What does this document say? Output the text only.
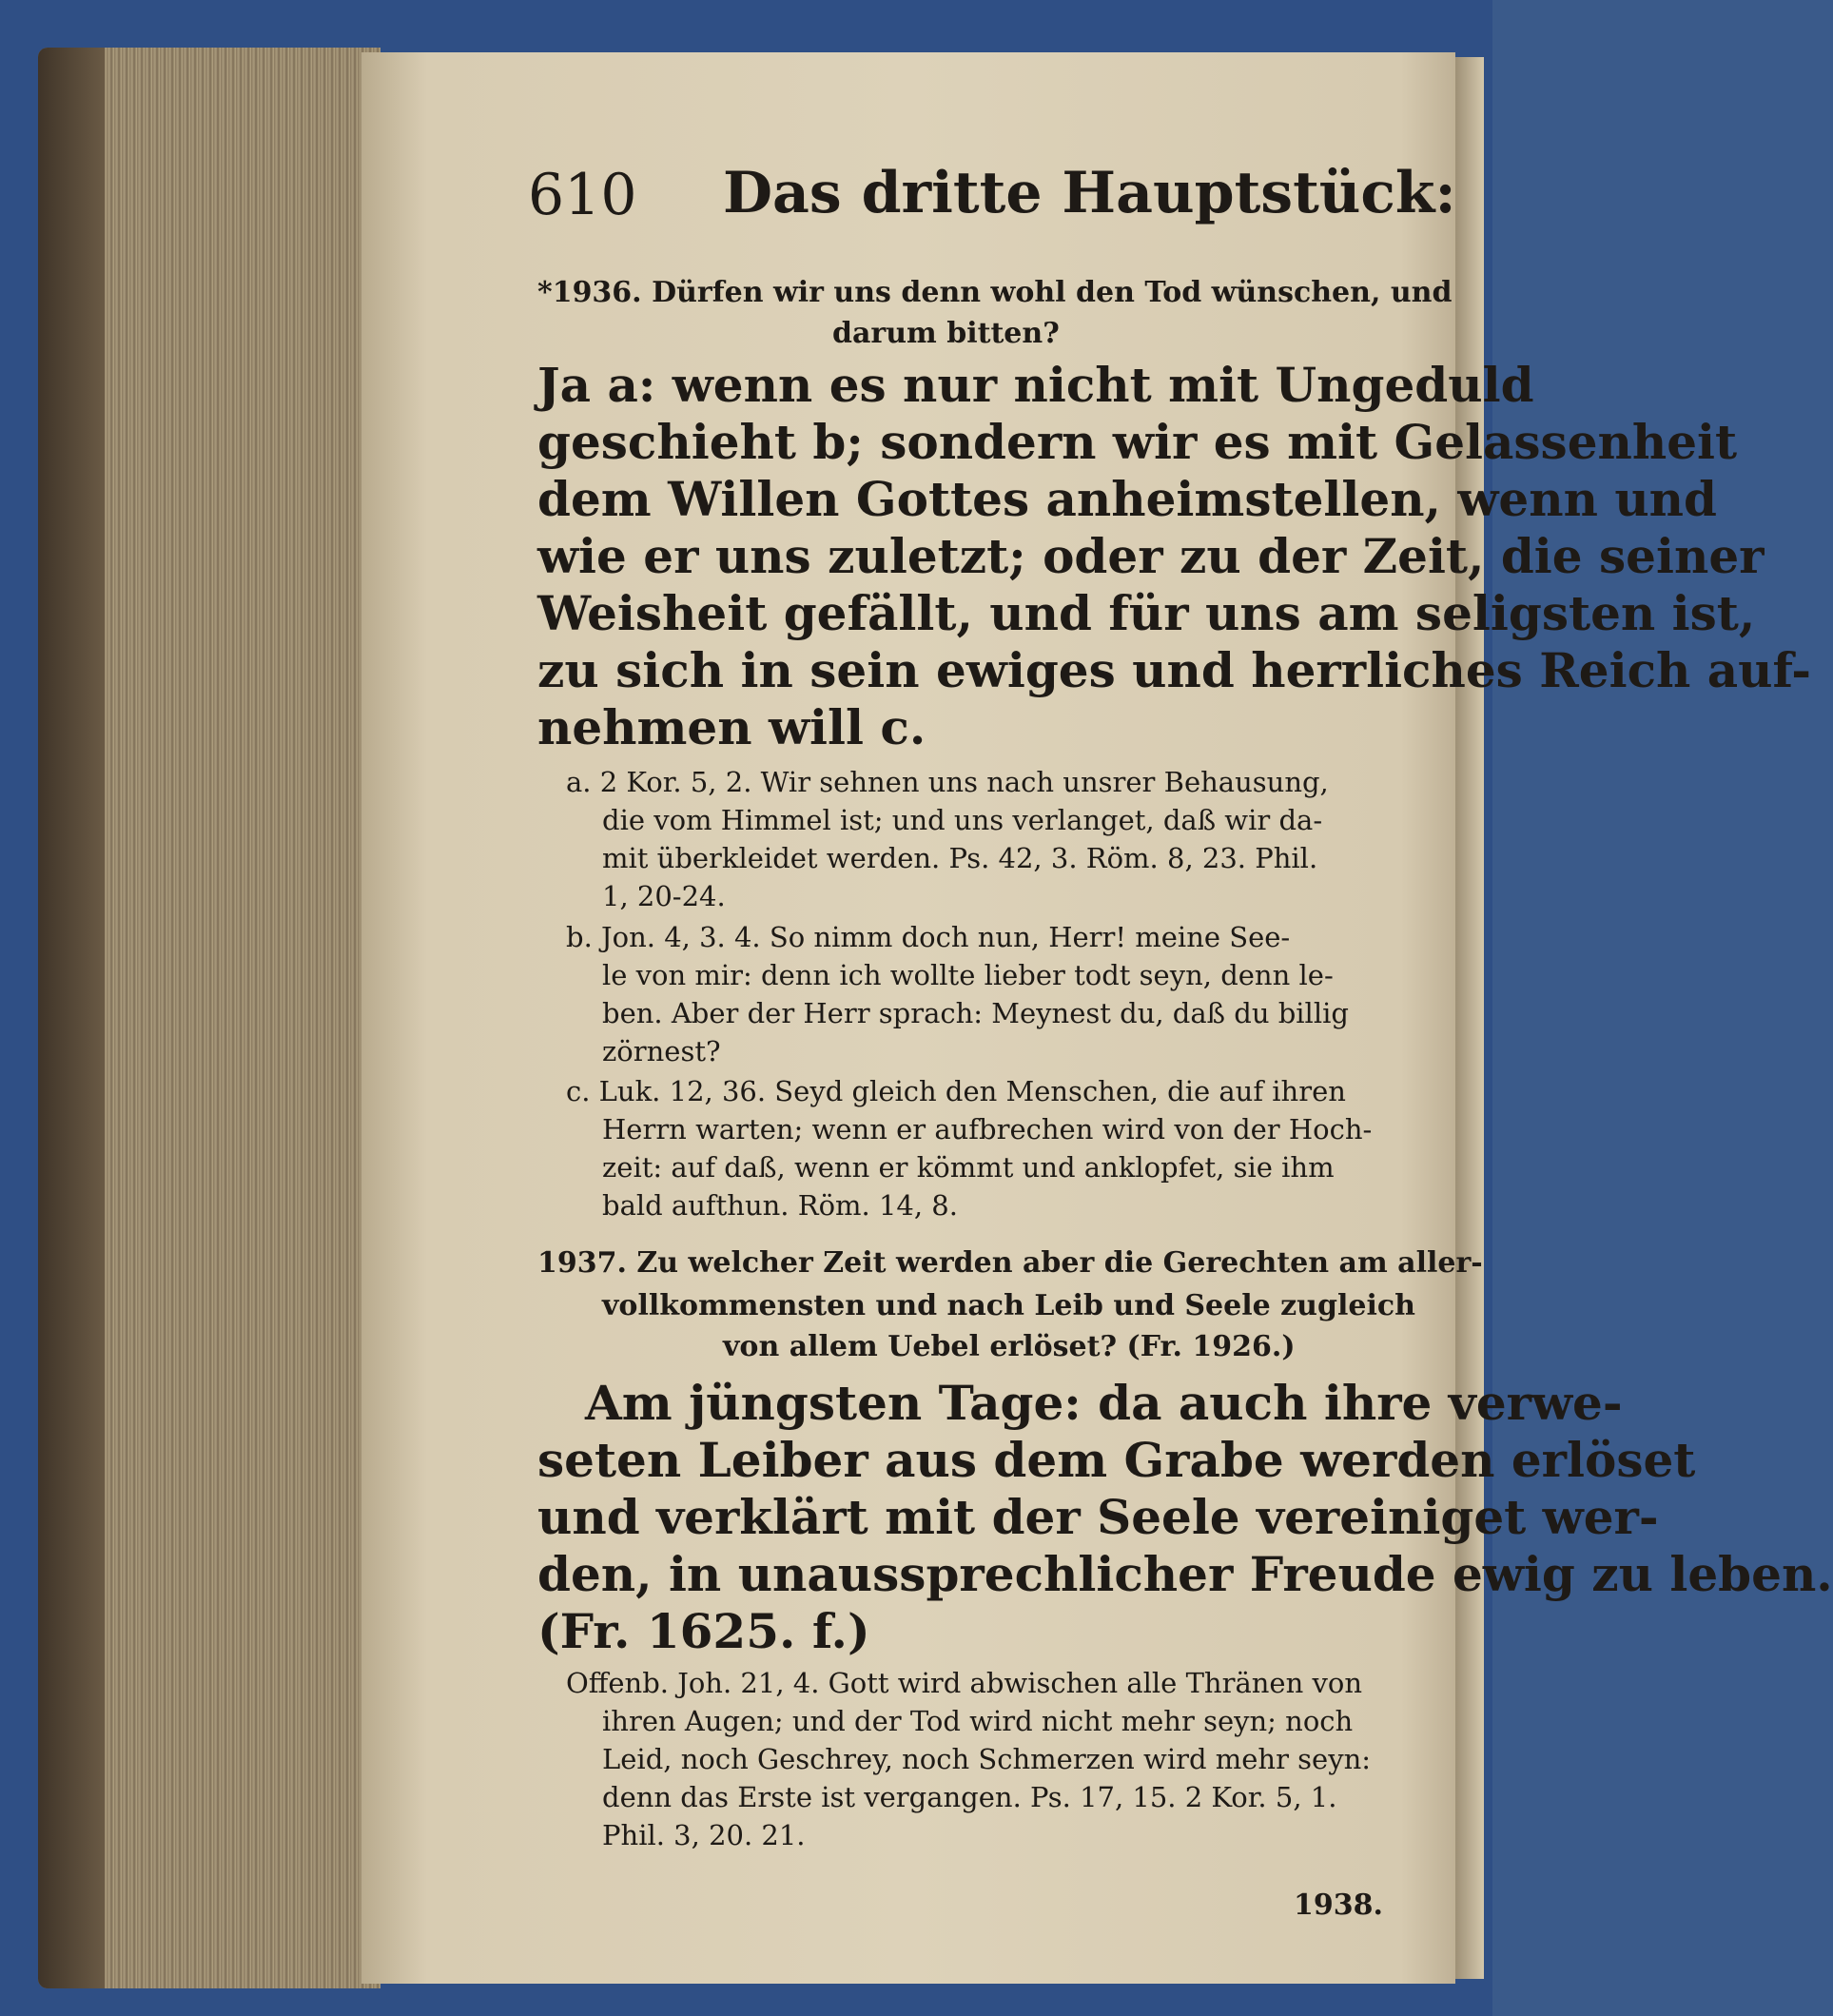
610 Das dritte Hauptstück:
*1936. Dürfen wir uns denn wohl den Tod wünschen, und
darum bitten?
Ja a: wenn es nur nicht mit Ungeduld
geschieht b; sondern wir es mit Gelassenheit
dem Willen Gottes anheimstellen, wenn und
wie er uns zuletzt; oder zu der Zeit, die seiner
Weisheit gefällt, und für uns am seligsten ist,
zu sich in sein ewiges und herrliches Reich auf-
nehmen will c.
a. 2 Kor. 5, 2. Wir sehnen uns nach unsrer Behausung,
die vom Himmel ist; und uns verlanget, daß wir da-
mit überkleidet werden. Ps. 42, 3. Röm. 8, 23. Phil.
1, 20-24.
b. Jon. 4, 3. 4. So nimm doch nun, Herr! meine See-
le von mir: denn ich wollte lieber todt seyn, denn le-
ben. Aber der Herr sprach: Meynest du, daß du billig
zörnest?
c. Luk. 12, 36. Seyd gleich den Menschen, die auf ihren
Herrn warten; wenn er aufbrechen wird von der Hoch-
zeit: auf daß, wenn er kömmt und anklopfet, sie ihm
bald aufthun. Röm. 14, 8.
1937. Zu welcher Zeit werden aber die Gerechten am aller-
vollkommensten und nach Leib und Seele zugleich
von allem Uebel erlöset? (Fr. 1926.)
Am jüngsten Tage: da auch ihre verwe-
seten Leiber aus dem Grabe werden erlöset
und verklärt mit der Seele vereiniget wer-
den, in unaussprechlicher Freude ewig zu leben.
(Fr. 1625. f.)
Offenb. Joh. 21, 4. Gott wird abwischen alle Thränen von
ihren Augen; und der Tod wird nicht mehr seyn; noch
Leid, noch Geschrey, noch Schmerzen wird mehr seyn:
denn das Erste ist vergangen. Ps. 17, 15. 2 Kor. 5, 1.
Phil. 3, 20. 21.
1938.
